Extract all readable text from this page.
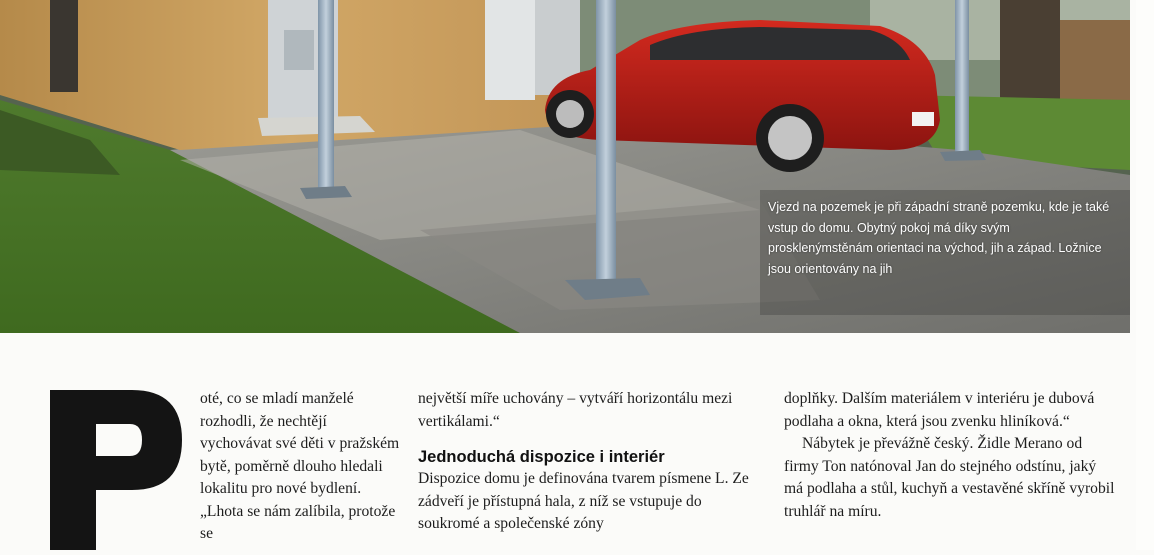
Vjezd na pozemek je při západní straně pozemku, kde je také vstup do domu. Obytný pokoj má díky svým prosklenýmstěnám orientaci na východ, jih a západ. Ložnice jsou orientovány na jih

oté, co se mladí manželé rozhodli, že nechtějí vychovávat své děti v pražském bytě, poměrně dlouho hledali lokalitu pro nové bydlení. „Lhota se nám zalíbila, protože se

největší míře uchovány – vytváří horizontálu mezi vertikálami.“

Jednoduchá dispozice i interiér

Dispozice domu je definována tvarem písmene L. Ze zádveří je přístupná hala, z níž se vstupuje do soukromé a společenské zóny

doplňky. Dalším materiálem v interiéru je dubová podlaha a okna, která jsou zvenku hliníková.“

Nábytek je převážně český. Židle Merano od firmy Ton natónoval Jan do stejného odstínu, jaký má podlaha a stůl, kuchyň a vestavěné skříně vyrobil truhlář na míru.
